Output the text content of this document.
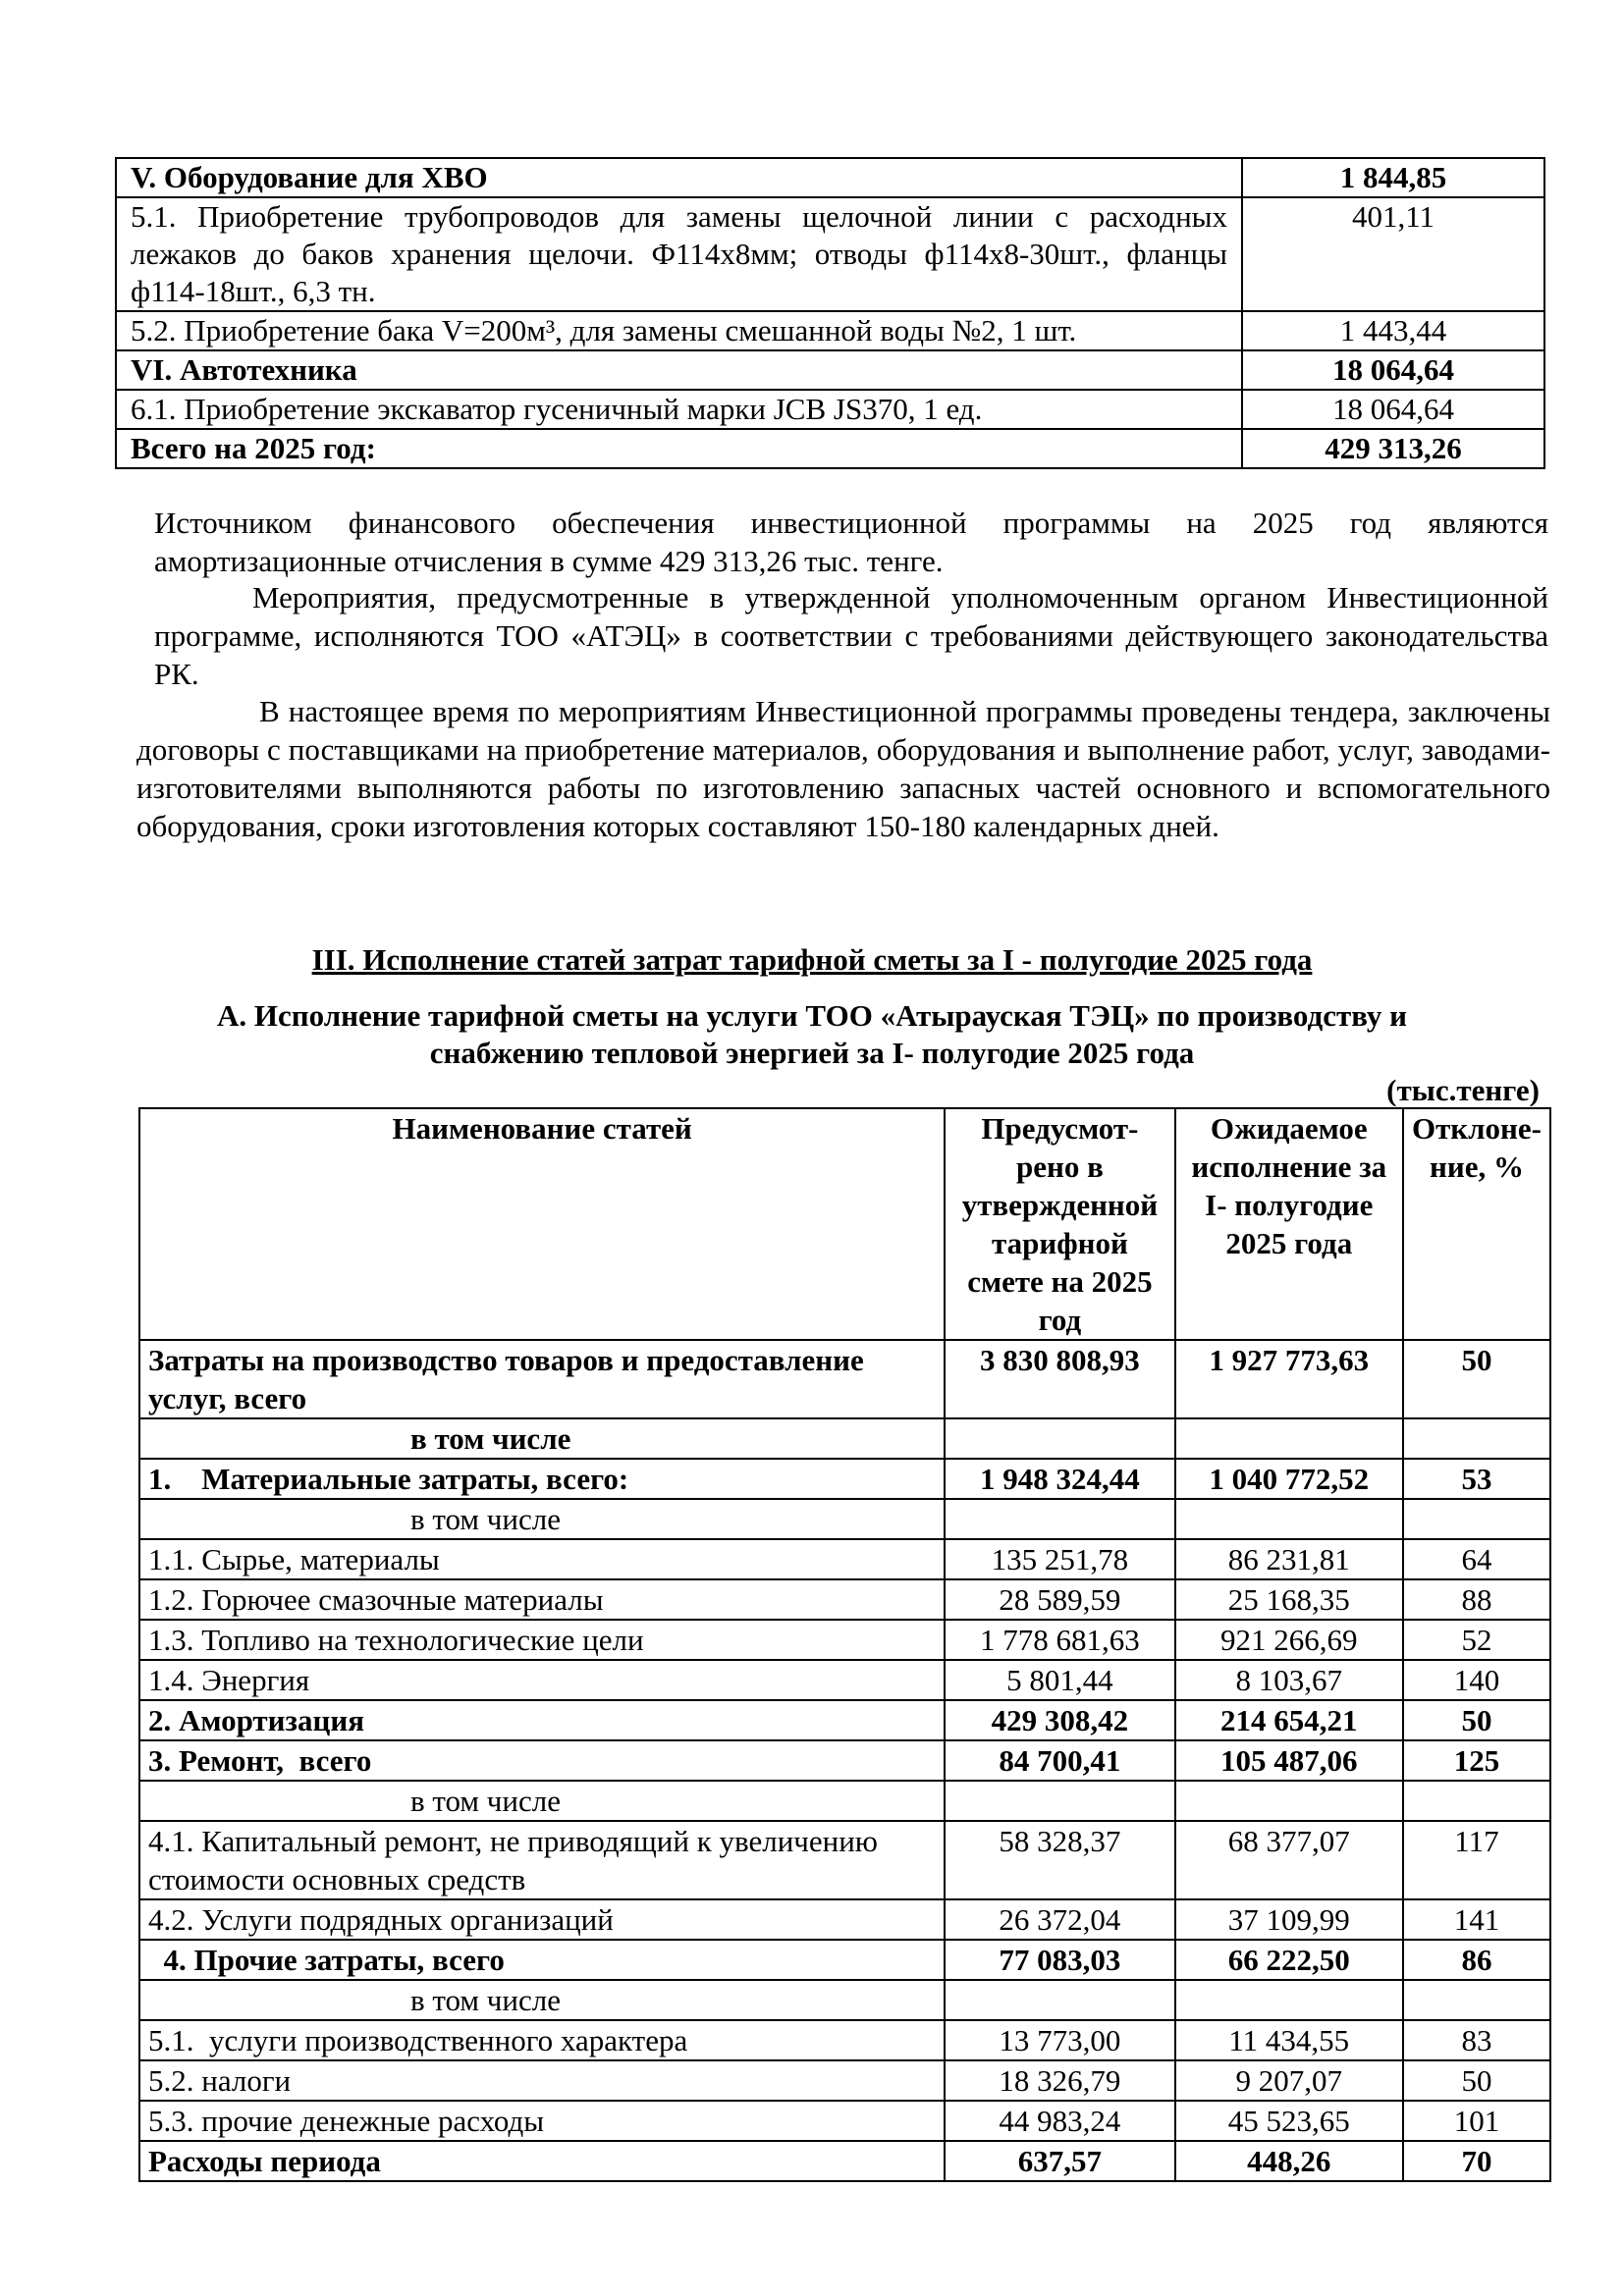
V. Оборудование для ХВО	1 844,85
5.1. Приобретение трубопроводов для замены щелочной линии с расходных лежаков до баков хранения щелочи. Ф114х8мм; отводы ф114х8-30шт., фланцы ф114-18шт., 6,3 тн.	401,11
5.2. Приобретение бака V=200м³, для замены смешанной воды №2, 1 шт.	1 443,44
VI. Автотехника	18 064,64
6.1. Приобретение экскаватор гусеничный марки JCB JS370, 1 ед.	18 064,64
Всего на 2025 год:	429 313,26
Источником финансового обеспечения инвестиционной программы на 2025 год являются амортизационные отчисления в сумме 429 313,26 тыс. тенге.
Мероприятия, предусмотренные в утвержденной уполномоченным органом Инвестиционной программе, исполняются ТОО «АТЭЦ» в соответствии с требованиями действующего законодательства РК.
В настоящее время по мероприятиям Инвестиционной программы проведены тендера, заключены договоры с поставщиками на приобретение материалов, оборудования и выполнение работ, услуг, заводами-изготовителями выполняются работы по изготовлению запасных частей основного и вспомогательного оборудования, сроки изготовления которых составляют 150-180 календарных дней.
III. Исполнение статей затрат тарифной сметы за I - полугодие 2025 года
А. Исполнение тарифной сметы на услуги ТОО «Атырауская ТЭЦ» по производству и
снабжению тепловой энергией за Ӏ- полугодие 2025 года
(тыс.тенге)
Наименование статей	Предусмот-рено в утвержденной тарифной смете на 2025 год	Ожидаемое исполнение за Ӏ- полугодие 2025 года	Отклоне-ние, %
Затраты на производство товаров и предоставление услуг, всего	3 830 808,93	1 927 773,63	50
в том числе			
1.    Материальные затраты, всего:	1 948 324,44	1 040 772,52	53
в том числе			
1.1. Сырье, материалы	135 251,78	86 231,81	64
1.2. Горючее смазочные материалы	28 589,59	25 168,35	88
1.3. Топливо на технологические цели	1 778 681,63	921 266,69	52
1.4. Энергия	5 801,44	8 103,67	140
2. Амортизация	429 308,42	214 654,21	50
3. Ремонт,  всего	84 700,41	105 487,06	125
в том числе			
4.1. Капитальный ремонт, не приводящий к увеличению стоимости основных средств	58 328,37	68 377,07	117
4.2. Услуги подрядных организаций	26 372,04	37 109,99	141
4. Прочие затраты, всего	77 083,03	66 222,50	86
в том числе			
5.1.  услуги производственного характера	13 773,00	11 434,55	83
5.2. налоги	18 326,79	9 207,07	50
5.3. прочие денежные расходы	44 983,24	45 523,65	101
Расходы периода	637,57	448,26	70
